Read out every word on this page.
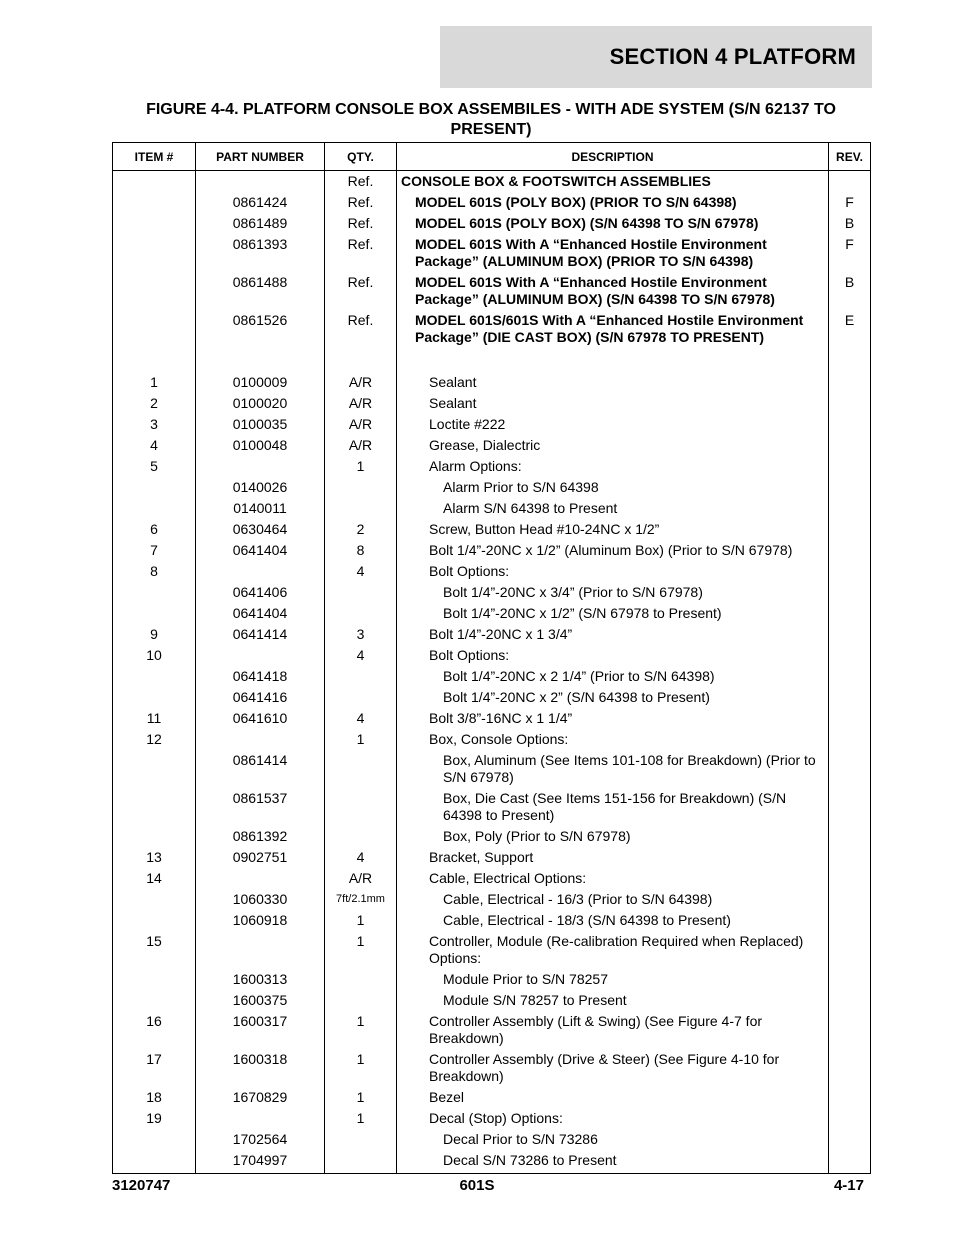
SECTION 4 PLATFORM
FIGURE 4-4. PLATFORM CONSOLE BOX ASSEMBILES - WITH ADE SYSTEM (S/N 62137 TO PRESENT)
ITEM #	PART NUMBER	QTY.	DESCRIPTION	REV.
		Ref.	CONSOLE BOX & FOOTSWITCH ASSEMBLIES	
	0861424	Ref.	MODEL 601S (POLY BOX) (PRIOR TO S/N 64398)	F
	0861489	Ref.	MODEL 601S (POLY BOX) (S/N 64398 TO S/N 67978)	B
	0861393	Ref.	MODEL 601S With A “Enhanced Hostile Environment Package” (ALUMINUM BOX) (PRIOR TO S/N 64398)	F
	0861488	Ref.	MODEL 601S With A “Enhanced Hostile Environment Package” (ALUMINUM BOX) (S/N 64398 TO S/N 67978)	B
	0861526	Ref.	MODEL 601S/601S With A “Enhanced Hostile Environment Package” (DIE CAST BOX) (S/N 67978 TO PRESENT)	E

1	0100009	A/R	Sealant	
2	0100020	A/R	Sealant	
3	0100035	A/R	Loctite #222	
4	0100048	A/R	Grease, Dialectric	
5		1	Alarm Options:	
	0140026		Alarm Prior to S/N 64398	
	0140011		Alarm S/N 64398 to Present	
6	0630464	2	Screw, Button Head #10-24NC x 1/2”	
7	0641404	8	Bolt 1/4”-20NC x 1/2” (Aluminum Box) (Prior to S/N 67978)	
8		4	Bolt Options:	
	0641406		Bolt 1/4”-20NC x 3/4” (Prior to S/N 67978)	
	0641404		Bolt 1/4”-20NC x 1/2” (S/N 67978 to Present)	
9	0641414	3	Bolt 1/4”-20NC x 1 3/4”	
10		4	Bolt Options:	
	0641418		Bolt 1/4”-20NC x 2 1/4” (Prior to S/N 64398)	
	0641416		Bolt 1/4”-20NC x 2” (S/N 64398 to Present)	
11	0641610	4	Bolt 3/8”-16NC x 1 1/4”	
12		1	Box, Console Options:	
	0861414		Box, Aluminum (See Items 101-108 for Breakdown) (Prior to S/N 67978)	
	0861537		Box, Die Cast (See Items 151-156 for Breakdown) (S/N 64398 to Present)	
	0861392		Box, Poly (Prior to S/N 67978)	
13	0902751	4	Bracket, Support	
14		A/R	Cable, Electrical Options:	
	1060330	7ft/2.1mm	Cable, Electrical - 16/3 (Prior to S/N 64398)	
	1060918	1	Cable, Electrical - 18/3 (S/N 64398 to Present)	
15		1	Controller, Module (Re-calibration Required when Replaced) Options:	
	1600313		Module Prior to S/N 78257	
	1600375		Module S/N 78257 to Present	
16	1600317	1	Controller Assembly (Lift & Swing) (See Figure 4-7 for Breakdown)	
17	1600318	1	Controller Assembly (Drive & Steer) (See Figure 4-10 for Breakdown)	
18	1670829	1	Bezel	
19		1	Decal (Stop) Options:	
	1702564		Decal Prior to S/N 73286	
	1704997		Decal S/N 73286 to Present	
3120747	601S	4-17
